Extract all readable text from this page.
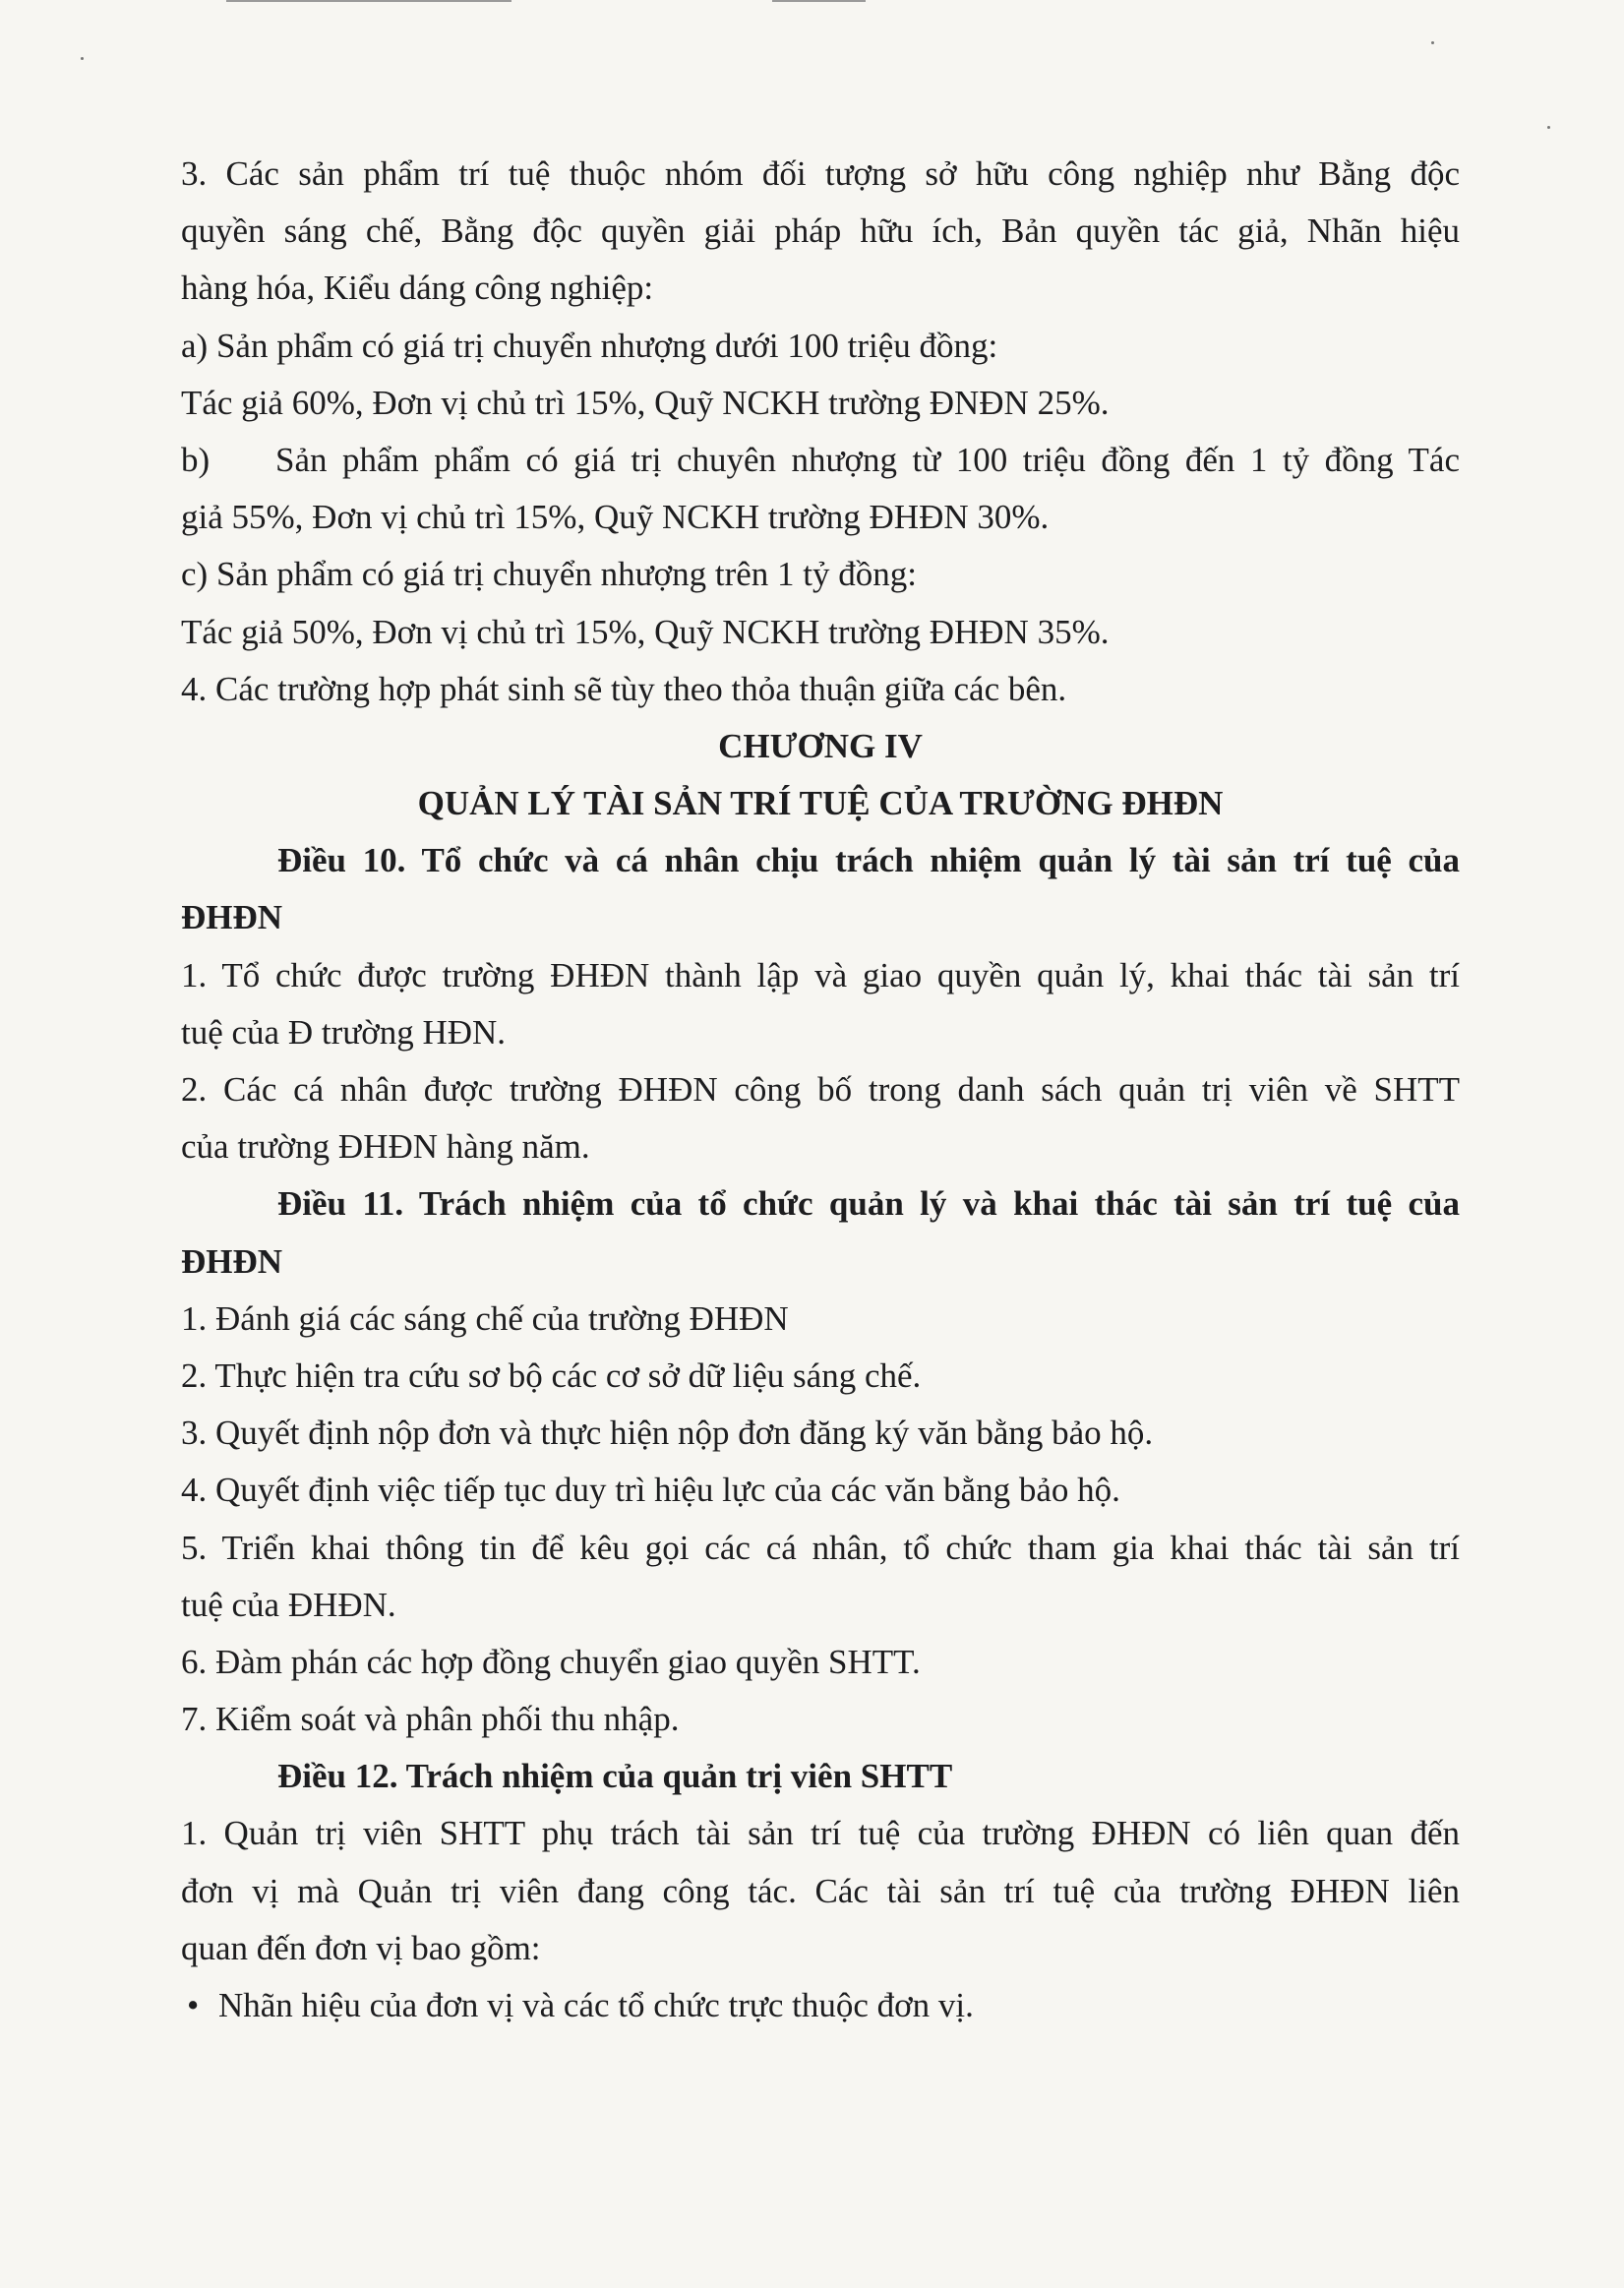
3. Các sản phẩm trí tuệ thuộc nhóm đối tượng sở hữu công nghiệp như Bằng độc
quyền sáng chế, Bằng độc quyền giải pháp hữu ích, Bản quyền tác giả, Nhãn hiệu
hàng hóa, Kiểu dáng công nghiệp:
a) Sản phẩm có giá trị chuyển nhượng dưới 100 triệu đồng:
Tác giả 60%, Đơn vị chủ trì 15%, Quỹ NCKH trường ĐNĐN 25%.
b)	Sản phẩm phẩm có giá trị chuyên nhượng từ 100 triệu đồng đến 1 tỷ đồng Tác
giả 55%, Đơn vị chủ trì 15%, Quỹ NCKH trường ĐHĐN 30%.
c) Sản phẩm có giá trị chuyển nhượng trên 1 tỷ đồng:
Tác giả 50%, Đơn vị chủ trì 15%, Quỹ NCKH trường ĐHĐN 35%.
4. Các trường hợp phát sinh sẽ tùy theo thỏa thuận giữa các bên.
CHƯƠNG IV
QUẢN LÝ TÀI SẢN TRÍ TUỆ CỦA TRƯỜNG ĐHĐN
Điều 10. Tổ chức và cá nhân chịu trách nhiệm quản lý tài sản trí tuệ của
ĐHĐN
1. Tổ chức được trường ĐHĐN thành lập và giao quyền quản lý, khai thác tài sản trí
tuệ của Đ trường HĐN.
2. Các cá nhân được trường ĐHĐN công bố trong danh sách quản trị viên về SHTT
của trường ĐHĐN hàng năm.
Điều 11. Trách nhiệm của tổ chức quản lý và khai thác tài sản trí tuệ của
ĐHĐN
1. Đánh giá các sáng chế của trường ĐHĐN
2. Thực hiện tra cứu sơ bộ các cơ sở dữ liệu sáng chế.
3. Quyết định nộp đơn và thực hiện nộp đơn đăng ký văn bằng bảo hộ.
4. Quyết định việc tiếp tục duy trì hiệu lực của các văn bằng bảo hộ.
5. Triển khai thông tin để kêu gọi các cá nhân, tổ chức tham gia khai thác tài sản trí
tuệ của ĐHĐN.
6. Đàm phán các hợp đồng chuyển giao quyền SHTT.
7. Kiểm soát và phân phối thu nhập.
Điều 12. Trách nhiệm của quản trị viên SHTT
1. Quản trị viên SHTT phụ trách tài sản trí tuệ của trường ĐHĐN có liên quan đến
đơn vị mà Quản trị viên đang công tác. Các tài sản trí tuệ của trường ĐHĐN liên
quan đến đơn vị bao gồm:
• Nhãn hiệu của đơn vị và các tổ chức trực thuộc đơn vị.
